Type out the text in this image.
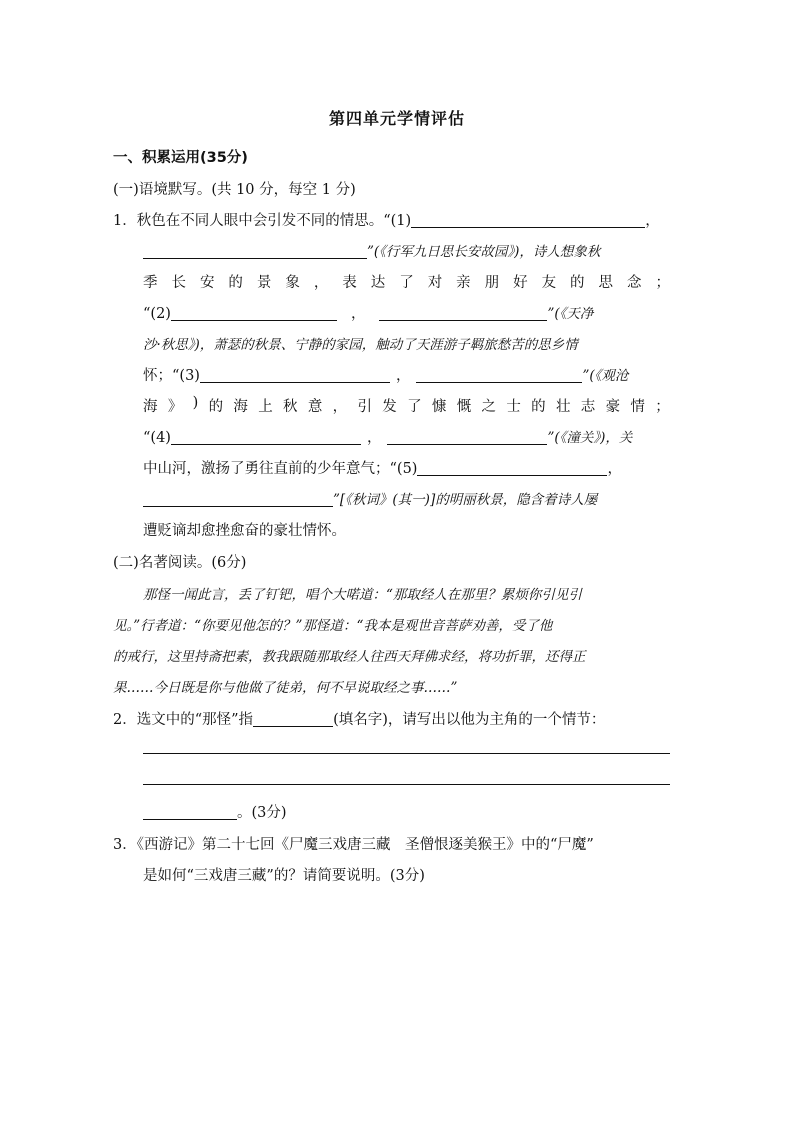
第四单元学情评估
一、积累运用(35分)
(一)语境默写。(共 10 分，每空 1 分)
1．秋色在不同人眼中会引发不同的情思。“(1)	，
”(《行军九日思长安故园》)，诗人想象秋
季 长 安 的 景 象 ， 表 达 了 对 亲 朋 好 友 的 思 念 ；
“(2)	，	”(《天净
沙·秋思》)，萧瑟的秋景、宁静的家园，触动了天涯游子羁旅愁苦的思乡情
怀；“(3)	，	”(《观沧
海 》 ) 的 海 上 秋 意 ， 引 发 了 慷 慨 之 士 的 壮 志 豪 情 ；
“(4)	，	”(《潼关》)，关
中山河，激扬了勇往直前的少年意气；“(5)	，
”[《秋词》(其一)]的明丽秋景，隐含着诗人屡
遭贬谪却愈挫愈奋的豪壮情怀。
(二)名著阅读。(6分)
那怪一闻此言，丢了钉钯，唱个大喏道：“那取经人在那里？累烦你引见引
见。”行者道：“你要见他怎的？”那怪道：“我本是观世音菩萨劝善，受了他
的戒行，这里持斋把素，教我跟随那取经人往西天拜佛求经，将功折罪，还得正
果……今日既是你与他做了徒弟，何不早说取经之事……”
2．选文中的“那怪”指	(填名字)，请写出以他为主角的一个情节：
。(3分)
3．《西游记》第二十七回《尸魔三戏唐三藏　圣僧恨逐美猴王》中的“尸魔”
是如何“三戏唐三藏”的？请简要说明。(3分)
